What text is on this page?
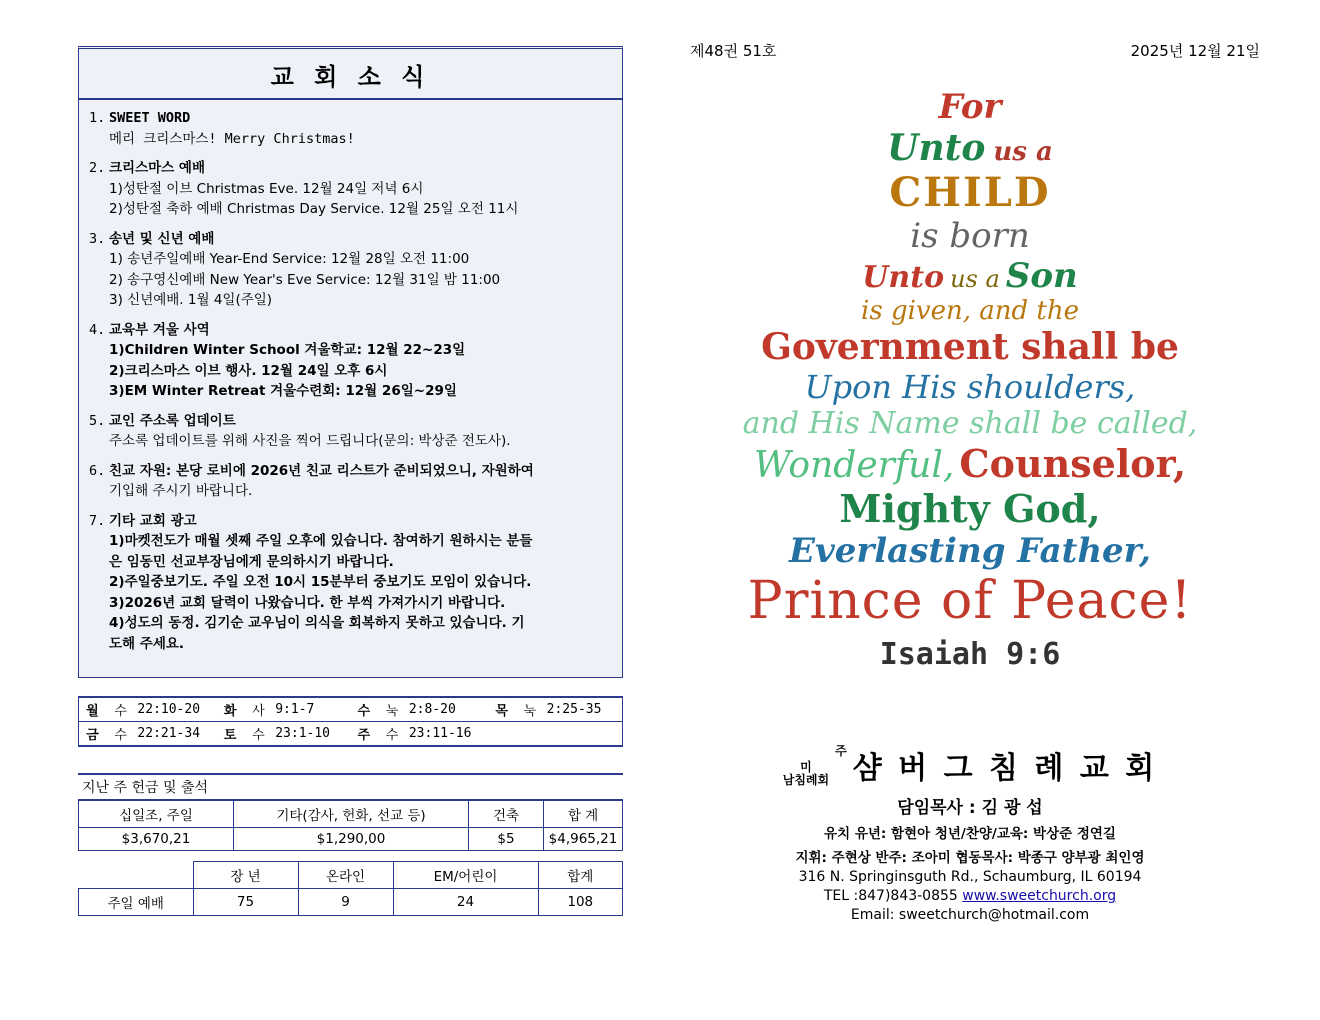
교 회 소 식
1. SWEET WORD
메리 크리스마스! Merry Christmas!
2. 크리스마스 예배
1)성탄절 이브 Christmas Eve. 12월 24일 저녁 6시
2)성탄절 축하 예배 Christmas Day Service. 12월 25일 오전 11시
3. 송년 및 신년 예배
1) 송년주일예배 Year-End Service: 12월 28일 오전 11:00
2) 송구영신예배 New Year's Eve Service: 12월 31일 밤 11:00
3) 신년예배. 1월 4일(주일)
4. 교육부 겨울 사역
1)Children Winter School 겨울학교: 12월 22~23일
2)크리스마스 이브 행사. 12월 24일 오후 6시
3)EM Winter Retreat 겨울수련회: 12월 26일~29일
5. 교인 주소록 업데이트
주소록 업데이트를 위해 사진을 찍어 드립니다(문의: 박상준 전도사).
6. 친교 자원: 본당 로비에 2026년 친교 리스트가 준비되었으니, 자원하여
기입해 주시기 바랍니다.
7. 기타 교회 광고
1)마켓전도가 매월 셋째 주일 오후에 있습니다. 참여하기 원하시는 분들
은 임동민 선교부장님에게 문의하시기 바랍니다.
2)주일중보기도. 주일 오전 10시 15분부터 중보기도 모임이 있습니다.
3)2026년 교회 달력이 나왔습니다. 한 부씩 가져가시기 바랍니다.
4)성도의 동정. 김기순 교우님이 의식을 회복하지 못하고 있습니다. 기
도해 주세요.
월	수	22:10-20	화	사	9:1-7	수	눅	2:8-20	목	눅	2:25-35
금	수	22:21-34	토	수	23:1-10	주	수	23:11-16			
지난 주 헌금 및 출석
십일조, 주일	기타(감사, 헌화, 선교 등)	건축	합 계
$3,670,21	$1,290,00	$5	$4,965,21
	장 년	온라인	EM/어린이	합계
주일 예배	75	9	24	108
제48권 51호	2025년 12월 21일
For
Unto us a
CHILD
is born
Unto us a Son
is given, and the
Government shall be
Upon His shoulders,
and His Name shall be called,
Wonderful, Counselor,
Mighty God, Everlasting Father,
Prince of Peace!
Isaiah 9:6
미
남침례회
주 샴 버 그 침 례 교 회
담임목사 : 김 광 섭
유치 유년: 함현아 청년/찬양/교육: 박상준 정연길
지휘: 주현상 반주: 조아미 협동목사: 박종구 양부광 최인영
316 N. Springinsguth Rd., Schaumburg, IL 60194
TEL :847)843-0855 www.sweetchurch.org
Email: sweetchurch@hotmail.com
